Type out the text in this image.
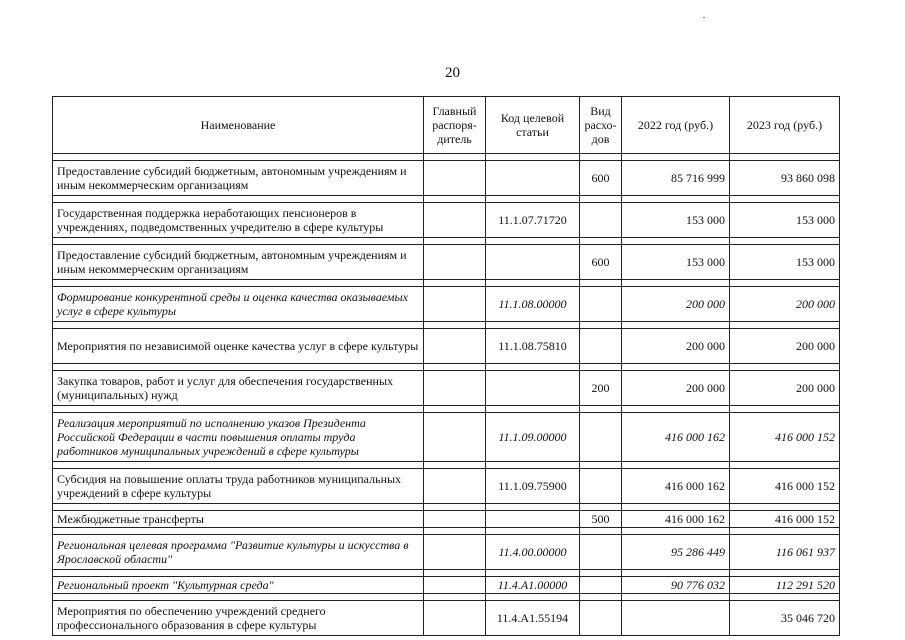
20
Наименование	Главный распоря-дитель	Код целевой статьи	Вид расхо-дов	2022 год (руб.)	2023 год (руб.)

Предоставление субсидий бюджетным, автономным учреждениям и иным некоммерческим организациям			600	85 716 999	93 860 098

Государственная поддержка неработающих пенсионеров в учреждениях, подведомственных учредителю в сфере культуры		11.1.07.71720		153 000	153 000

Предоставление субсидий бюджетным, автономным учреждениям и иным некоммерческим организациям			600	153 000	153 000

Формирование конкурентной среды и оценка качества оказываемых услуг в сфере культуры		11.1.08.00000		200 000	200 000

Мероприятия по независимой оценке качества услуг в сфере культуры		11.1.08.75810		200 000	200 000

Закупка товаров, работ и услуг для обеспечения государственных (муниципальных) нужд			200	200 000	200 000

Реализация мероприятий по исполнению указов Президента Российской Федерации в части повышения оплаты труда работников муниципальных учреждений в сфере культуры		11.1.09.00000		416 000 162	416 000 152

Субсидия на повышение оплаты труда работников муниципальных учреждений в сфере культуры		11.1.09.75900		416 000 162	416 000 152

Межбюджетные трансферты			500	416 000 162	416 000 152

Региональная целевая программа "Развитие культуры и искусства в Ярославской области"		11.4.00.00000		95 286 449	116 061 937

Региональный проект "Культурная среда"		11.4.A1.00000		90 776 032	112 291 520

Мероприятия по обеспечению учреждений среднего профессионального образования в сфере культуры		11.4.A1.55194			35 046 720
